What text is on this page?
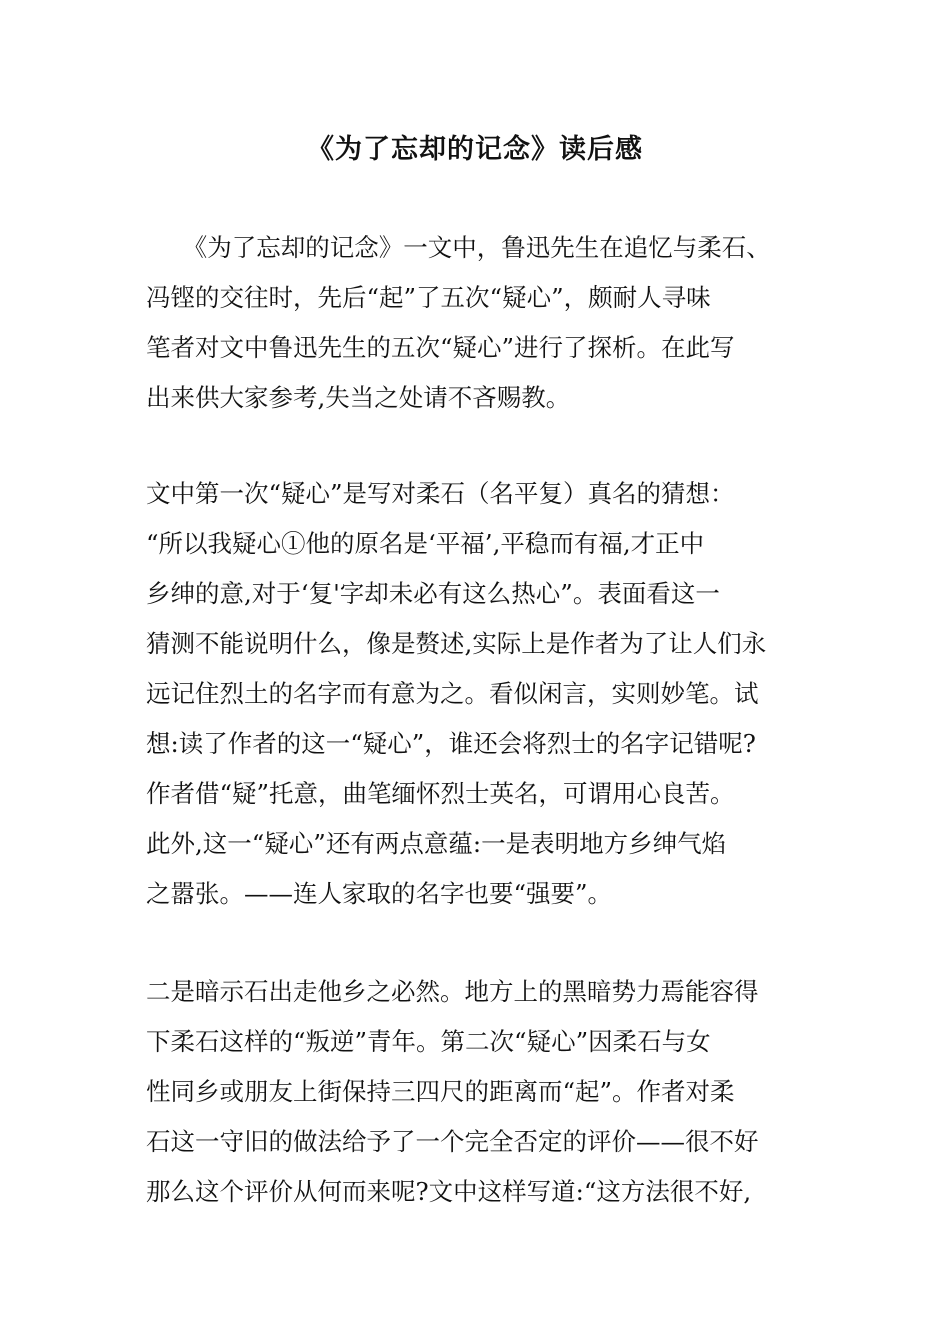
《为了忘却的记念》读后感
　　《为了忘却的记念》一文中，鲁迅先生在追忆与柔石、
冯铿的交往时，先后“起”了五次“疑心”，颇耐人寻味
笔者对文中鲁迅先生的五次“疑心”进行了探析。在此写
出来供大家参考,失当之处请不吝赐教。
文中第一次“疑心”是写对柔石（名平复）真名的猜想：
“所以我疑心①他的原名是‘平福’,平稳而有福,才正中
乡绅的意,对于‘复'字却未必有这么热心”。表面看这一
猜测不能说明什么，像是赘述,实际上是作者为了让人们永
远记住烈土的名字而有意为之。看似闲言，实则妙笔。试
想:读了作者的这一“疑心”，谁还会将烈士的名字记错呢?
作者借“疑”托意，曲笔缅怀烈士英名，可谓用心良苦。
此外,这一“疑心”还有两点意蕴:一是表明地方乡绅气焰
之嚣张。——连人家取的名字也要“强要”。
二是暗示石出走他乡之必然。地方上的黑暗势力焉能容得
下柔石这样的“叛逆”青年。第二次“疑心”因柔石与女
性同乡或朋友上街保持三四尺的距离而“起”。作者对柔
石这一守旧的做法给予了一个完全否定的评价——很不好
那么这个评价从何而来呢?文中这样写道:“这方法很不好,
